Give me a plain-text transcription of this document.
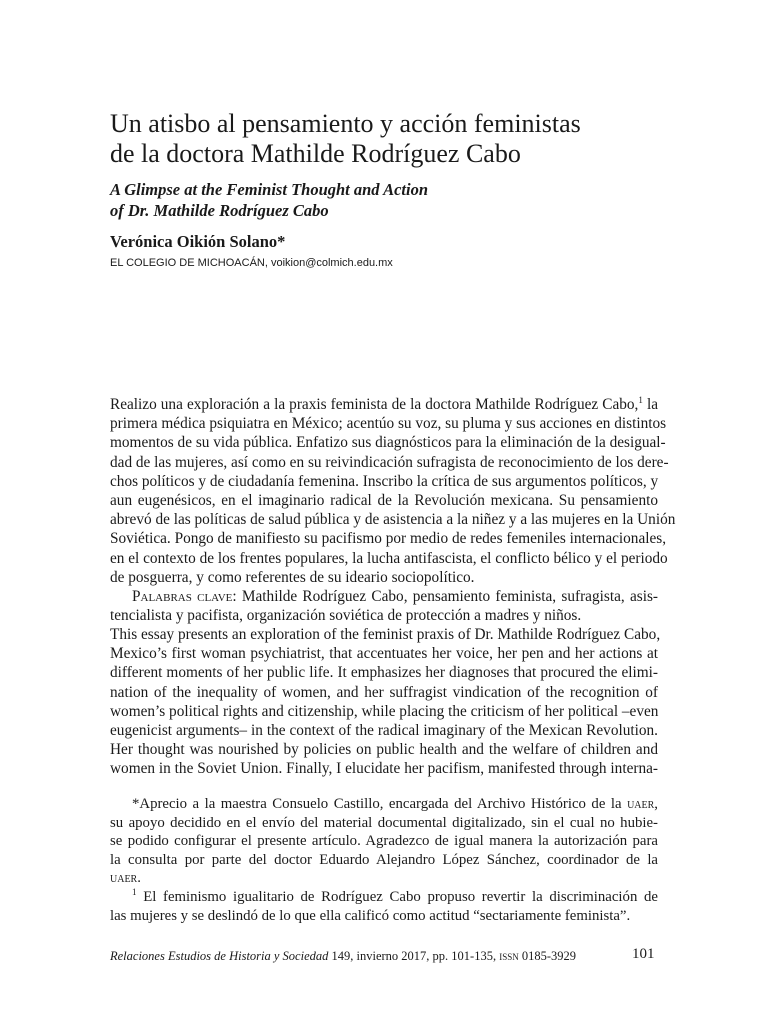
Un atisbo al pensamiento y acción feministas
de la doctora Mathilde Rodríguez Cabo
A Glimpse at the Feminist Thought and Action
of Dr. Mathilde Rodríguez Cabo
Verónica Oikión Solano*
EL COLEGIO DE MICHOACÁN, voikion@colmich.edu.mx
Realizo una exploración a la praxis feminista de la doctora Mathilde Rodríguez Cabo,$^1$ la
primera médica psiquiatra en México; acentúo su voz, su pluma y sus acciones en distintos
momentos de su vida pública. Enfatizo sus diagnósticos para la eliminación de la desigual-
dad de las mujeres, así como en su reivindicación sufragista de reconocimiento de los dere-
chos políticos y de ciudadanía femenina. Inscribo la crítica de sus argumentos políticos, y
aun eugenésicos, en el imaginario radical de la Revolución mexicana. Su pensamiento
abrevó de las políticas de salud pública y de asistencia a la niñez y a las mujeres en la Unión
Soviética. Pongo de manifiesto su pacifismo por medio de redes femeniles internacionales,
en el contexto de los frentes populares, la lucha antifascista, el conflicto bélico y el periodo
de posguerra, y como referentes de su ideario sociopolítico.
Palabras clave: Mathilde Rodríguez Cabo, pensamiento feminista, sufragista, asis-
tencialista y pacifista, organización soviética de protección a madres y niños.
This essay presents an exploration of the feminist praxis of Dr. Mathilde Rodríguez Cabo,
Mexico’s first woman psychiatrist, that accentuates her voice, her pen and her actions at
different moments of her public life. It emphasizes her diagnoses that procured the elimi-
nation of the inequality of women, and her suffragist vindication of the recognition of
women’s political rights and citizenship, while placing the criticism of her political –even
eugenicist arguments– in the context of the radical imaginary of the Mexican Revolution.
Her thought was nourished by policies on public health and the welfare of children and
women in the Soviet Union. Finally, I elucidate her pacifism, manifested through interna-
*Aprecio a la maestra Consuelo Castillo, encargada del Archivo Histórico de la uaer,
su apoyo decidido en el envío del material documental digitalizado, sin el cual no hubie-
se podido configurar el presente artículo. Agradezco de igual manera la autorización para
la consulta por parte del doctor Eduardo Alejandro López Sánchez, coordinador de la
uaer.
$^1$ El feminismo igualitario de Rodríguez Cabo propuso revertir la discriminación de
las mujeres y se deslindó de lo que ella calificó como actitud “sectariamente feminista”.
Relaciones Estudios de Historia y Sociedad 149, invierno 2017, pp. 101-135, issn 0185-3929	101
